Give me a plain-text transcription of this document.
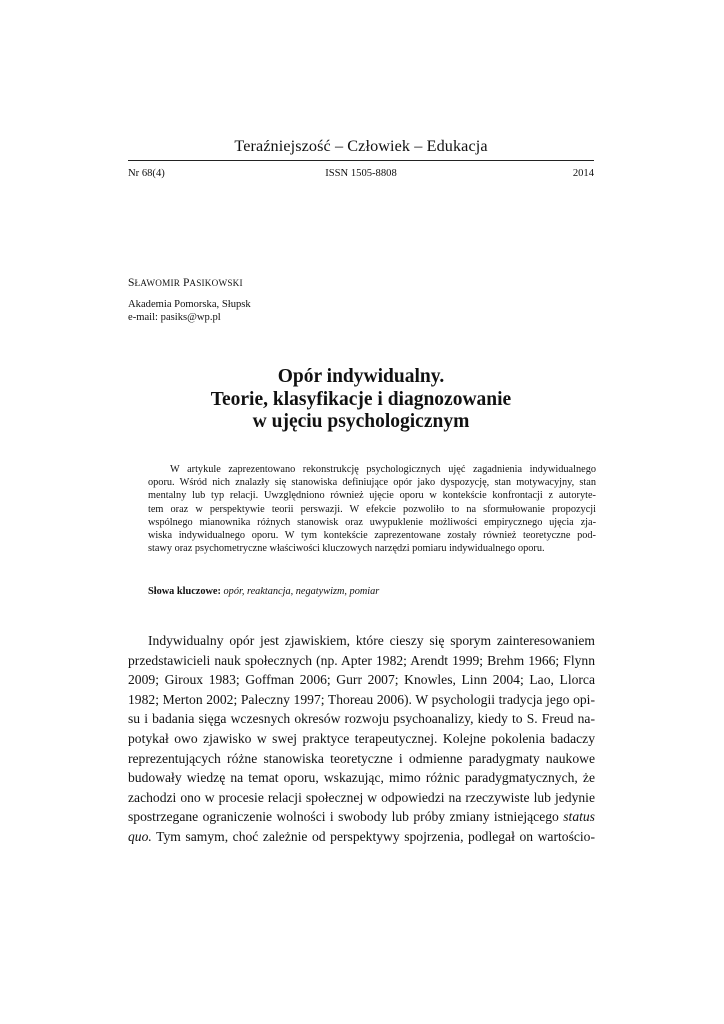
Teraźniejszość – Człowiek – Edukacja
Nr 68(4)	ISSN 1505-8808	2014
SŁAWOMIR PASIKOWSKI
Akademia Pomorska, Słupsk
e-mail: pasiks@wp.pl
Opór indywidualny.
Teorie, klasyfikacje i diagnozowanie
w ujęciu psychologicznym
W artykule zaprezentowano rekonstrukcję psychologicznych ujęć zagadnienia indywidualnego
oporu. Wśród nich znalazły się stanowiska definiujące opór jako dyspozycję, stan motywacyjny, stan
mentalny lub typ relacji. Uwzględniono również ujęcie oporu w kontekście konfrontacji z autoryte-
tem oraz w perspektywie teorii perswazji. W efekcie pozwoliło to na sformułowanie propozycji
wspólnego mianownika różnych stanowisk oraz uwypuklenie możliwości empirycznego ujęcia zja-
wiska indywidualnego oporu. W tym kontekście zaprezentowane zostały również teoretyczne pod-
stawy oraz psychometryczne właściwości kluczowych narzędzi pomiaru indywidualnego oporu.
Słowa kluczowe: opór, reaktancja, negatywizm, pomiar
Indywidualny opór jest zjawiskiem, które cieszy się sporym zainteresowaniem
przedstawicieli nauk społecznych (np. Apter 1982; Arendt 1999; Brehm 1966; Flynn
2009; Giroux 1983; Goffman 2006; Gurr 2007; Knowles, Linn 2004; Lao, Llorca
1982; Merton 2002; Paleczny 1997; Thoreau 2006). W psychologii tradycja jego opi-
su i badania sięga wczesnych okresów rozwoju psychoanalizy, kiedy to S. Freud na-
potykał owo zjawisko w swej praktyce terapeutycznej. Kolejne pokolenia badaczy
reprezentujących różne stanowiska teoretyczne i odmienne paradygmaty naukowe
budowały wiedzę na temat oporu, wskazując, mimo różnic paradygmatycznych, że
zachodzi ono w procesie relacji społecznej w odpowiedzi na rzeczywiste lub jedynie
spostrzegane ograniczenie wolności i swobody lub próby zmiany istniejącego status
quo. Tym samym, choć zależnie od perspektywy spojrzenia, podlegał on wartościo-
